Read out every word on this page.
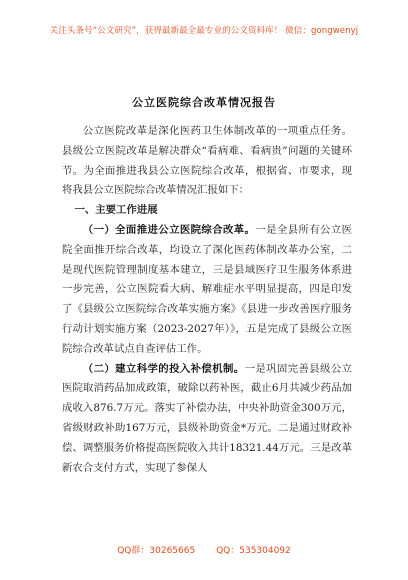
关注头条号“公文研究”，获得最新最全最专业的公文资料库！ 微信：gongwenyj
公立医院综合改革情况报告

公立医院改革是深化医药卫生体制改革的一项重点任务。县级公立医院改革是解决群众“看病难、看病贵”问题的关键环节。为全面推进我县公立医院综合改革，根据省、市要求，现将我县公立医院综合改革情况汇报如下：

一、主要工作进展

（一）全面推进公立医院综合改革。一是全县所有公立医院全面推开综合改革，均设立了深化医药体制改革办公室，二是现代医院管理制度基本建立，三是县域医疗卫生服务体系进一步完善，公立医院看大病、解难症水平明显提高，四是印发了《县级公立医院综合改革实施方案》《县进一步改善医疗服务行动计划实施方案（2023-2027年）》，五是完成了县级公立医院综合改革试点自查评估工作。

（二）建立科学的投入补偿机制。一是巩固完善县级公立医院取消药品加成政策，破除以药补医，截止6月共减少药品加成收入876.7万元。落实了补偿办法，中央补助资金300万元，省级财政补助167万元，县级补助资金*万元。二是通过财政补偿、调整服务价格提高医院收入共计18321.44万元。三是改革新农合支付方式，实现了参保人

QQ群：30265665 QQ：535304092
